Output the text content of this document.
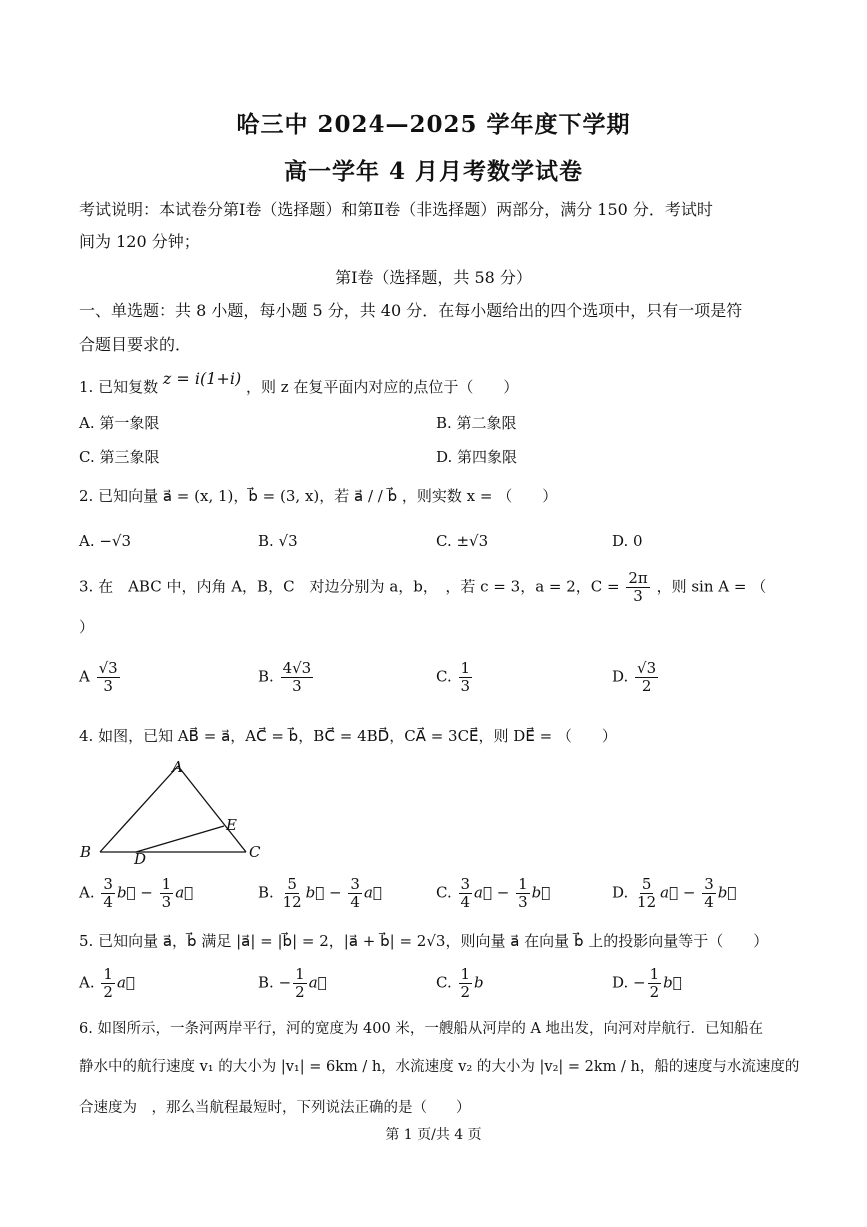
哈三中 2024—2025 学年度下学期
高一学年 4 月月考数学试卷
考试说明：本试卷分第Ⅰ卷（选择题）和第Ⅱ卷（非选择题）两部分，满分 150 分．考试时
间为 120 分钟；
第Ⅰ卷（选择题，共 58 分）
一、单选题：共 8 小题，每小题 5 分，共 40 分．在每小题给出的四个选项中，只有一项是符
合题目要求的．
1. 已知复数 z = i(1+i) ，则 z 在复平面内对应的点位于（　　）
A. 第一象限	B. 第二象限
C. 第三象限	D. 第四象限
2. 已知向量 a⃗ = (x, 1)，b⃗ = (3, x)，若 a⃗ / / b⃗ ，则实数 x = （　　）
A. −√3	B. √3	C. ±√3	D. 0
3. 在　ABC 中，内角 A，B，C　对边分别为 a，b，　，若 c = 3，a = 2，$C = \frac{2\pi}{3}$ ，则 sin A = （
）
A $\frac{√3}{3}$	B. $\frac{4√3}{3}$	C. $\frac{1}{3}$	D. $\frac{√3}{2}$
4. 如图，已知 AB⃗ = a⃗，AC⃗ = b⃗，BC⃗ = 4BD⃗，CA⃗ = 3CE⃗，则 DE⃗ = （　　）
A
B	C
D
E
A. $\frac{3}{4}$ b⃗ − $\frac{1}{3}$ a⃗	B. $\frac{5}{12}$ b⃗ − $\frac{3}{4}$ a⃗	C. $\frac{3}{4}$ a⃗ − $\frac{1}{3}$ b⃗	D. $\frac{5}{12}$ a⃗ − $\frac{3}{4}$ b⃗
5. 已知向量 a⃗，b⃗ 满足 |a⃗| = |b⃗| = 2，|a⃗ + b⃗| = 2√3，则向量 a⃗ 在向量 b⃗ 上的投影向量等于（　　）
A. $\frac{1}{2}$ a⃗	B. − $\frac{1}{2}$ a⃗	C. $\frac{1}{2}$ b	D. − $\frac{1}{2}$ b⃗
6. 如图所示，一条河两岸平行，河的宽度为 400 米，一艘船从河岸的 A 地出发，向河对岸航行．已知船在
静水中的航行速度 v₁ 的大小为 |v₁| = 6km / h，水流速度 v₂ 的大小为 |v₂| = 2km / h，船的速度与水流速度的
合速度为　，那么当航程最短时，下列说法正确的是（　　）
第 1 页/共 4 页
